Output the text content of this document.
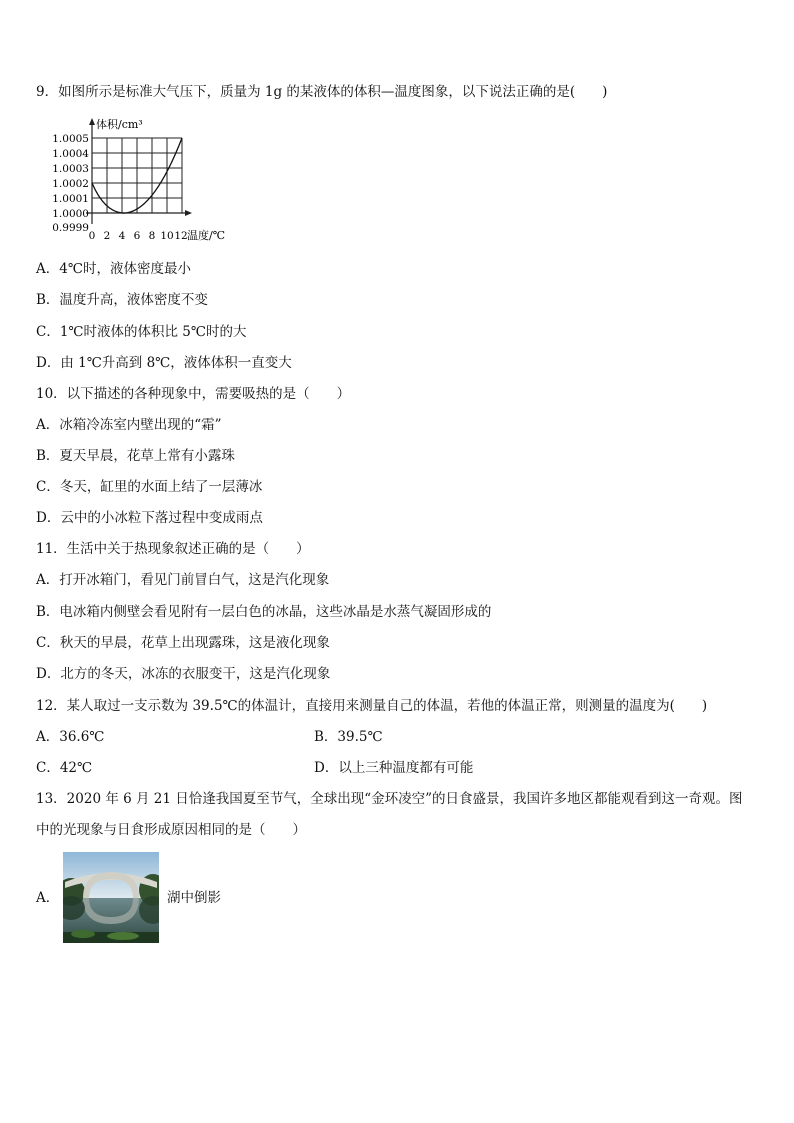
9．如图所示是标准大气压下，质量为 1g 的某液体的体积—温度图象，以下说法正确的是(　　)
体积/cm³
温度/℃
1.0005
1.0004
1.0003
1.0002
1.0001
1.0000
0.9999
0 2 4 6 8 10 12
A．4℃时，液体密度最小
B．温度升高，液体密度不变
C．1℃时液体的体积比 5℃时的大
D．由 1℃升高到 8℃，液体体积一直变大
10．以下描述的各种现象中，需要吸热的是（　　）
A．冰箱冷冻室内壁出现的“霜”
B．夏天早晨，花草上常有小露珠
C．冬天，缸里的水面上结了一层薄冰
D．云中的小冰粒下落过程中变成雨点
11．生活中关于热现象叙述正确的是（　　）
A．打开冰箱门，看见门前冒白气，这是汽化现象
B．电冰箱内侧壁会看见附有一层白色的冰晶，这些冰晶是水蒸气凝固形成的
C．秋天的早晨，花草上出现露珠，这是液化现象
D．北方的冬天，冰冻的衣服变干，这是汽化现象
12．某人取过一支示数为 39.5℃的体温计，直接用来测量自己的体温，若他的体温正常，则测量的温度为(　　)
A．36.6℃	B．39.5℃
C．42℃	D．以上三种温度都有可能
13．2020 年 6 月 21 日恰逢我国夏至节气，全球出现“金环凌空”的日食盛景，我国许多地区都能观看到这一奇观。图
中的光现象与日食形成原因相同的是（　　）
A．	湖中倒影
